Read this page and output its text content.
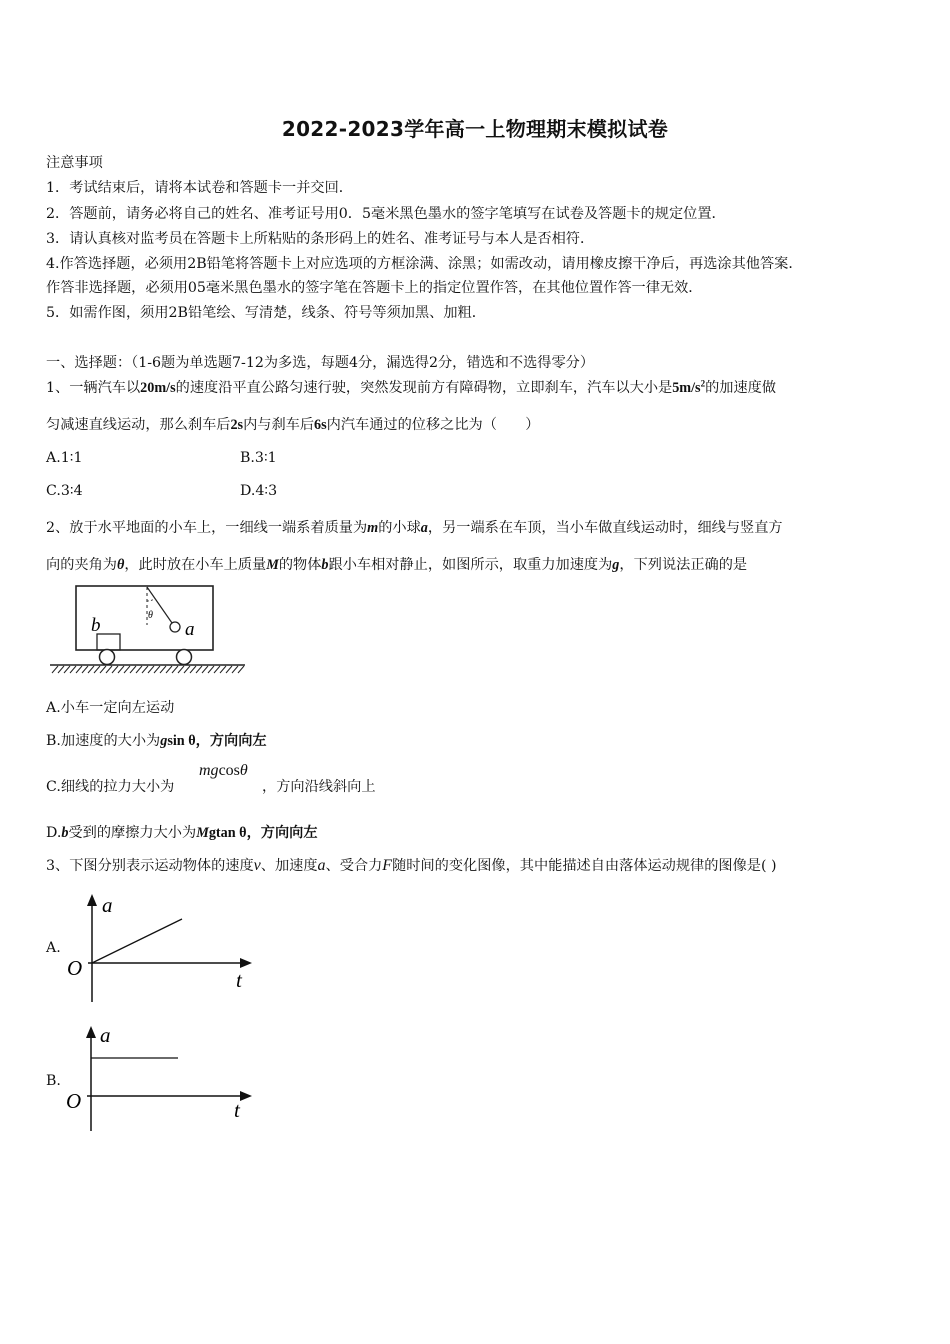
2022-2023学年高一上物理期末模拟试卷
注意事项
1．考试结束后，请将本试卷和答题卡一并交回．
2．答题前，请务必将自己的姓名、准考证号用0．5毫米黑色墨水的签字笔填写在试卷及答题卡的规定位置．
3．请认真核对监考员在答题卡上所粘贴的条形码上的姓名、准考证号与本人是否相符．
4.作答选择题，必须用2B铅笔将答题卡上对应选项的方框涂满、涂黑；如需改动，请用橡皮擦干净后，再选涂其他答案．
作答非选择题，必须用05毫米黑色墨水的签字笔在答题卡上的指定位置作答，在其他位置作答一律无效．
5．如需作图，须用2B铅笔绘、写清楚，线条、符号等须加黑、加粗．
一、选择题：（1-6题为单选题7-12为多选，每题4分，漏选得2分，错选和不选得零分）
1、一辆汽车以20m/s的速度沿平直公路匀速行驶，突然发现前方有障碍物，立即刹车，汽车以大小是$5m/s^2$的加速度做
匀减速直线运动，那么刹车后2s内与刹车后6s内汽车通过的位移之比为（　　）
A.1∶1	B.3∶1
C.3∶4	D.4∶3
2、放于水平地面的小车上，一细线一端系着质量为m的小球a，另一端系在车顶，当小车做直线运动时，细线与竖直方
向的夹角为θ，此时放在小车上质量M的物体b跟小车相对静止，如图所示，取重力加速度为g，下列说法正确的是
θ
a
b
A.小车一定向左运动
B.加速度的大小为gsin θ，方向向左
C.细线的拉力大小为
mgcosθ
，方向沿线斜向上
D.b受到的摩擦力大小为Mgtan θ，方向向左
3、下图分别表示运动物体的速度v、加速度a、受合力F随时间的变化图像，其中能描述自由落体运动规律的图像是( )
A.
a
t
O
B.
a
t
O
